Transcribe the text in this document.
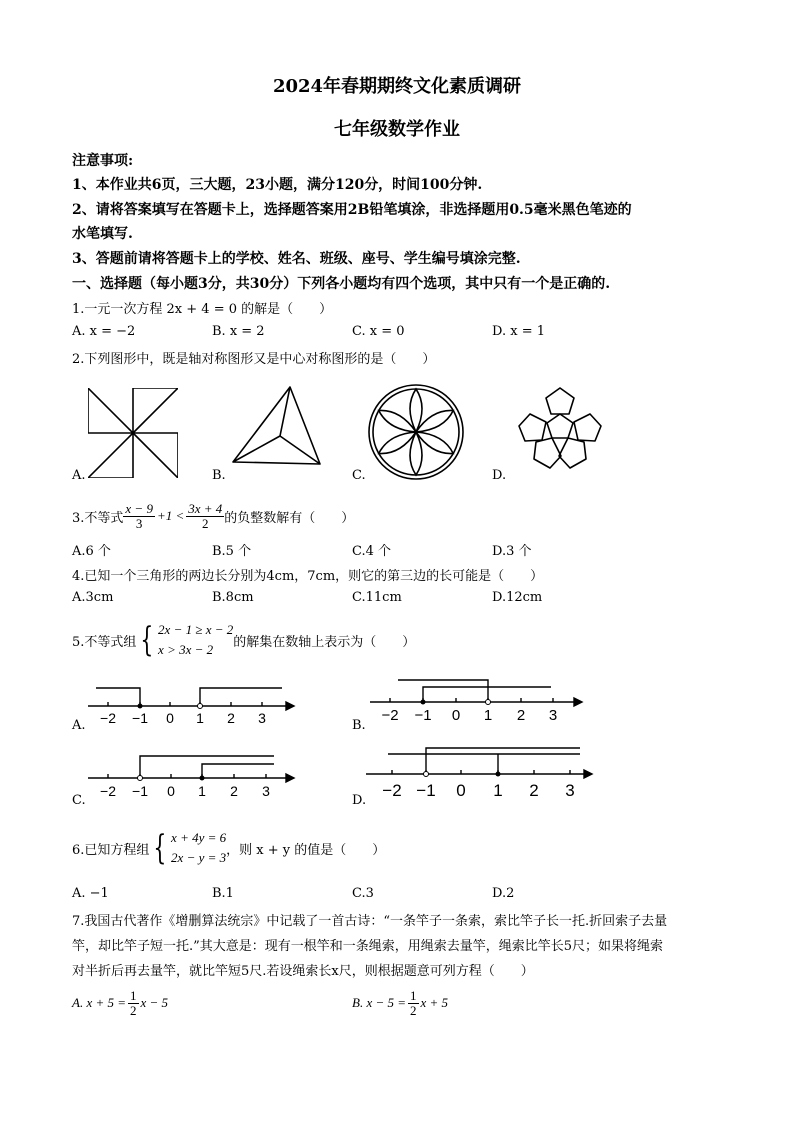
2024年春期期终文化素质调研
七年级数学作业
注意事项:
1、本作业共6页，三大题，23小题，满分120分，时间100分钟.
2、请将答案填写在答题卡上，选择题答案用2B铅笔填涂，非选择题用0.5毫米黑色笔迹的
水笔填写.
3、答题前请将答题卡上的学校、姓名、班级、座号、学生编号填涂完整.
一、选择题（每小题3分，共30分）下列各小题均有四个选项，其中只有一个是正确的.
1.一元一次方程 2x + 4 = 0 的解是（　　）
A. x = −2	B. x = 2	C. x = 0	D. x = 1
2.下列图形中，既是轴对称图形又是中心对称图形的是（　　）
A.	B.	C.	D.
3.不等式 $\frac{x - 9}{3} +1 < \frac{3x + 4}{2}$ 的负整数解有（　　）
A.6 个	B.5 个	C.4 个	D.3 个
4.已知一个三角形的两边长分别为4cm，7cm，则它的第三边的长可能是（　　）
A.3cm	B.8cm	C.11cm	D.12cm
5.不等式组 { 2x − 1 ≥ x − 2
x > 3x − 2	的解集在数轴上表示为（　　）
−2 −1 0 1 2 3
A.
−2 −1 0 1 2 3
B.
−2 −1 0 1 2 3
C.
−2 −1 0 1 2 3
D.
6.已知方程组 { x + 4y = 6
2x − y = 3 ，则 x + y 的值是（　　）
A. −1	B.1	C.3	D.2
7.我国古代著作《增删算法统宗》中记载了一首古诗：“一条竿子一条索，索比竿子长一托.折回索子去量
竿，却比竿子短一托.”其大意是：现有一根竿和一条绳索，用绳索去量竿，绳索比竿长5尺；如果将绳索
对半折后再去量竿，就比竿短5尺.若设绳索长x尺，则根据题意可列方程（　　）
A. $x + 5 = \frac{1}{2}$ x − 5	B. $x - 5 = \frac{1}{2}$ x + 5
